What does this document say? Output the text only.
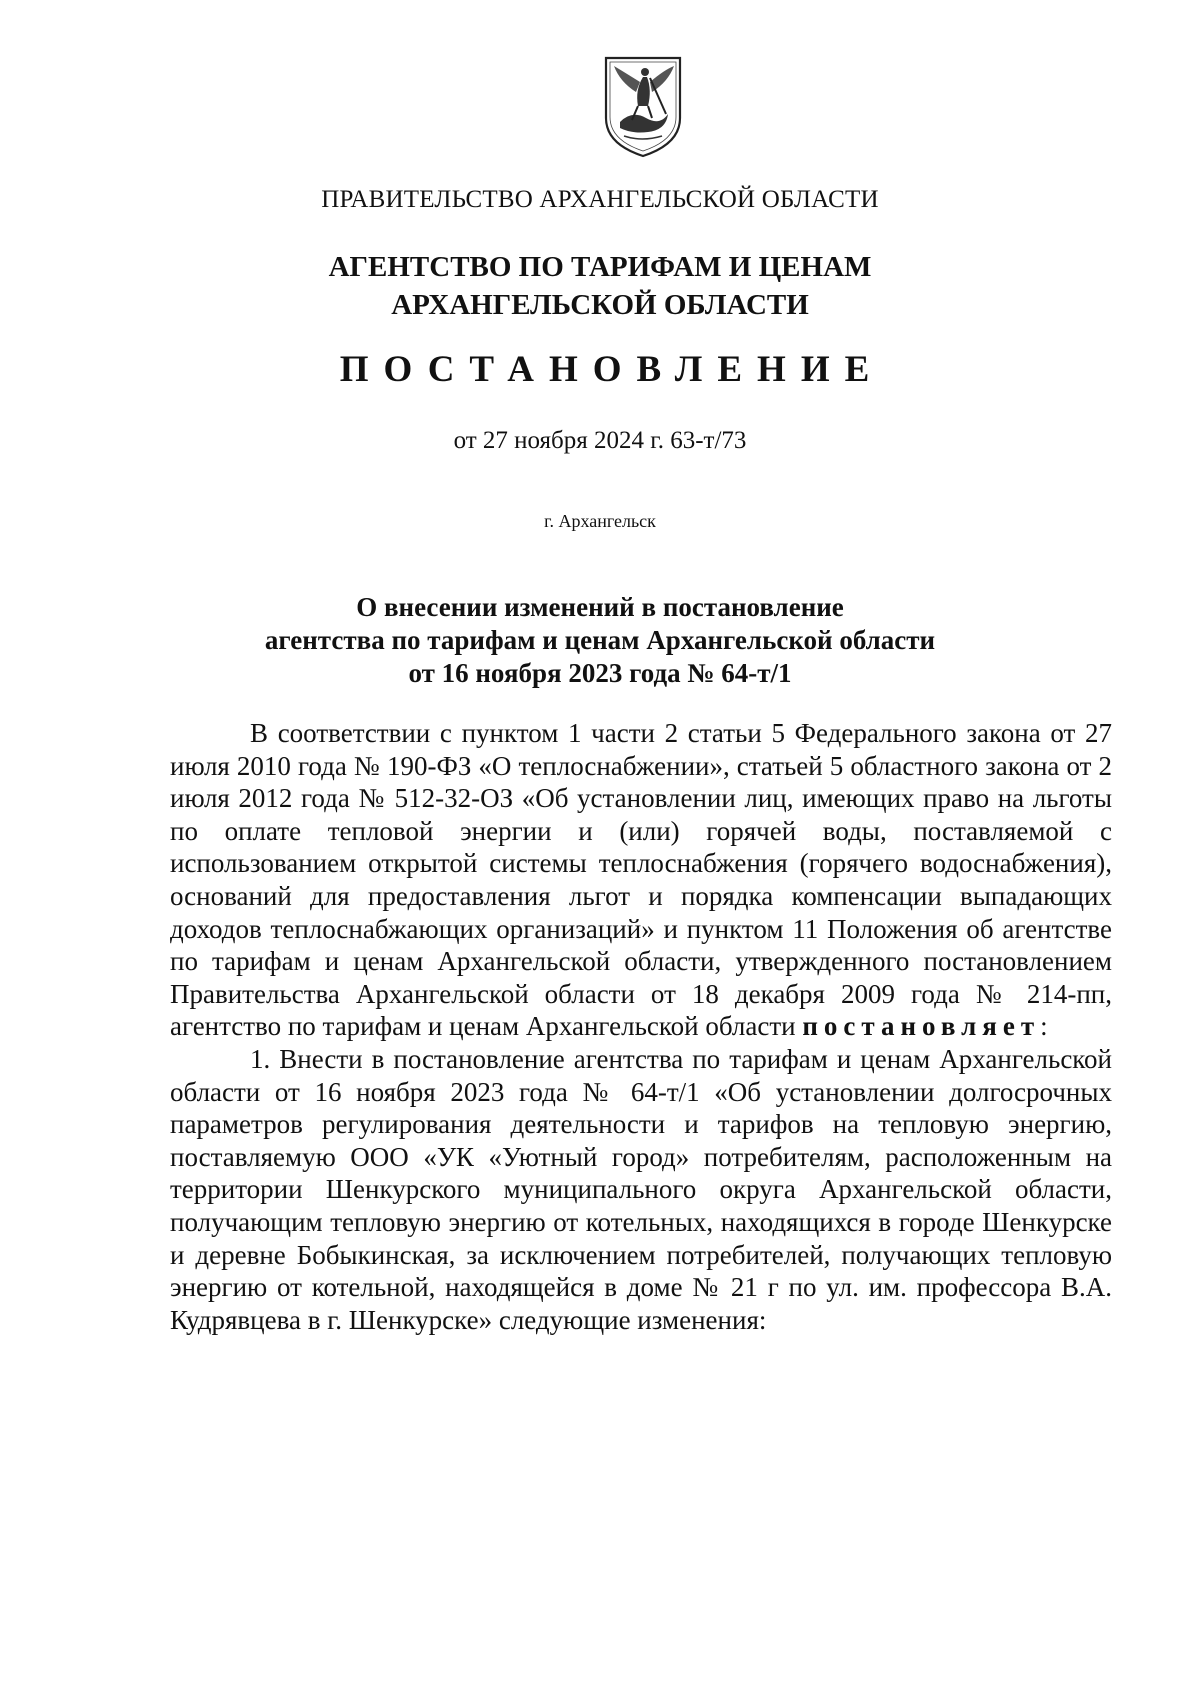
ПРАВИТЕЛЬСТВО АРХАНГЕЛЬСКОЙ ОБЛАСТИ
АГЕНТСТВО ПО ТАРИФАМ И ЦЕНАМ
АРХАНГЕЛЬСКОЙ ОБЛАСТИ
ПОСТАНОВЛЕНИЕ
от 27 ноября 2024 г. 63-т/73
г. Архангельск
О внесении изменений в постановление
агентства по тарифам и ценам Архангельской области
от 16 ноября 2023 года № 64-т/1

В соответствии с пунктом 1 части 2 статьи 5 Федерального закона от 27 июля 2010 года № 190-ФЗ «О теплоснабжении», статьей 5 областного закона от 2 июля 2012 года № 512-32-ОЗ «Об установлении лиц, имеющих право на льготы по оплате тепловой энергии и (или) горячей воды, поставляемой с использованием открытой системы теплоснабжения (горячего водоснабжения), оснований для предоставления льгот и порядка компенсации выпадающих доходов теплоснабжающих организаций» и пунктом 11 Положения об агентстве по тарифам и ценам Архангельской области, утвержденного постановлением Правительства Архангельской области от 18 декабря 2009 года № 214-пп, агентство по тарифам и ценам Архангельской области постановляет:

1. Внести в постановление агентства по тарифам и ценам Архангельской области от 16 ноября 2023 года № 64-т/1 «Об установлении долгосрочных параметров регулирования деятельности и тарифов на тепловую энергию, поставляемую ООО «УК «Уютный город» потребителям, расположенным на территории Шенкурского муниципального округа Архангельской области, получающим тепловую энергию от котельных, находящихся в городе Шенкурске и деревне Бобыкинская, за исключением потребителей, получающих тепловую энергию от котельной, находящейся в доме № 21 г по ул. им. профессора В.А. Кудрявцева в г. Шенкурске» следующие изменения:
